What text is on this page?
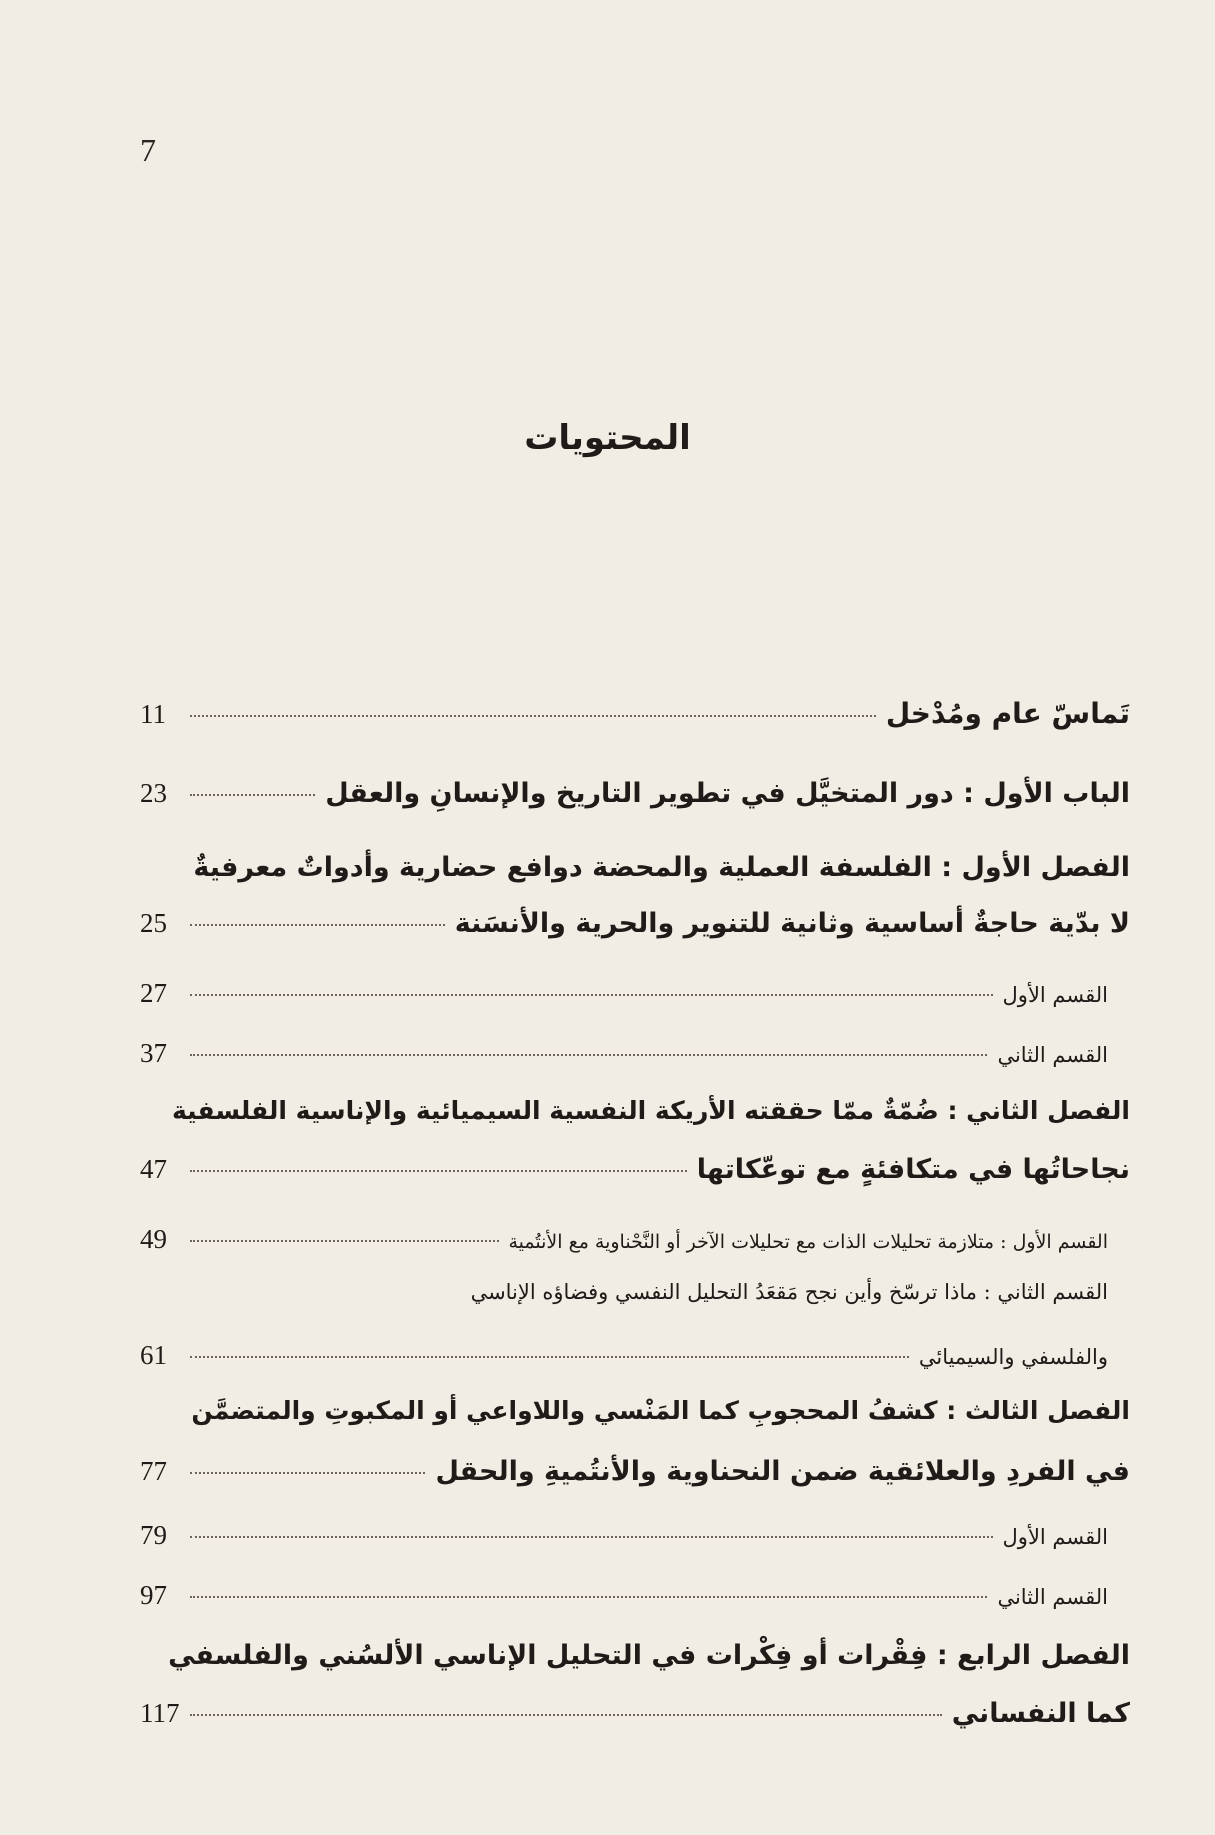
7
المحتويات
تَماسّ عام ومُدْخل
11
الباب الأول : دور المتخيَّل في تطوير التاريخ والإنسانِ والعقل
23
الفصل الأول : الفلسفة العملية والمحضة دوافع حضارية وأدواتٌ معرفيةٌ
لا بدّية حاجةٌ أساسية وثانية للتنوير والحرية والأنسَنة
25
القسم الأول
27
القسم الثاني
37
الفصل الثاني : ضُمّةٌ ممّا حققته الأريكة النفسية السيميائية والإناسية الفلسفية
نجاحاتُها في متكافئةٍ مع توعّكاتها
47
القسم الأول : متلازمة تحليلات الذات مع تحليلات الآخر أو النَّحْناوية مع الأنتُمية
49
القسم الثاني : ماذا ترسّخ وأين نجح مَقعَدُ التحليل النفسي وفضاؤه الإناسي
والفلسفي والسيميائي
61
الفصل الثالث : كشفُ المحجوبِ كما المَنْسي واللاواعي أو المكبوتِ والمتضمَّن
في الفردِ والعلائقية ضمن النحناوية والأنتُميةِ والحقل
77
القسم الأول
79
القسم الثاني
97
الفصل الرابع : فِقْرات أو فِكْرات في التحليل الإناسي الألسُني والفلسفي
كما النفساني
117
